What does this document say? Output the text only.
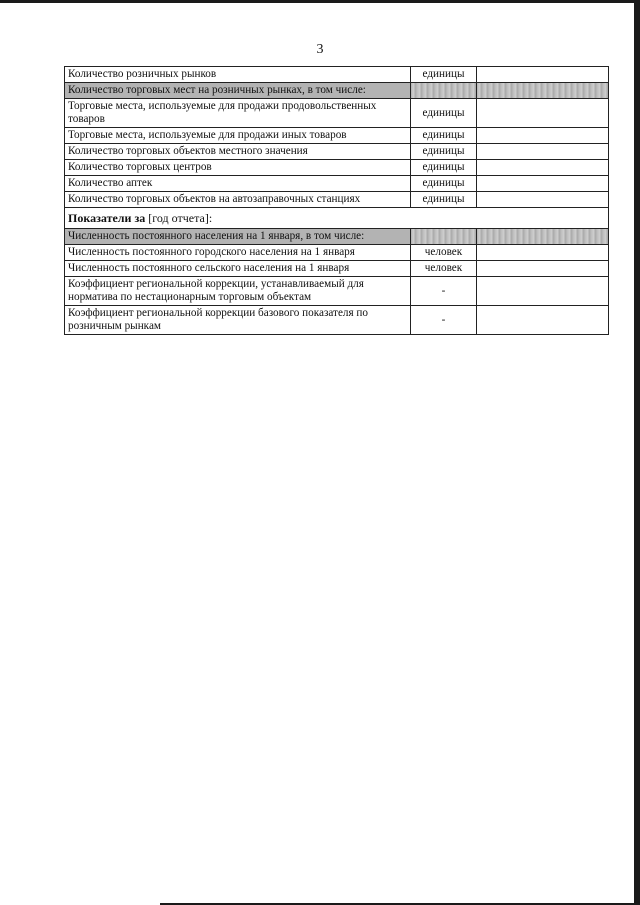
3
Количество розничных рынков	единицы	
Количество торговых мест на розничных рынках, в том числе:		
Торговые места, используемые для продажи продовольственных товаров	единицы	
Торговые места, используемые для продажи иных товаров	единицы	
Количество торговых объектов местного значения	единицы	
Количество торговых центров	единицы	
Количество аптек	единицы	
Количество торговых объектов на автозаправочных станциях	единицы	
Показатели за [год отчета]:		
Численность постоянного населения на 1 января, в том числе:		
Численность постоянного городского населения на 1 января	человек	
Численность постоянного сельского населения на 1 января	человек	
Коэффициент региональной коррекции, устанавливаемый для норматива по нестационарным торговым объектам	-	
Коэффициент региональной коррекции базового показателя по розничным рынкам	-	
